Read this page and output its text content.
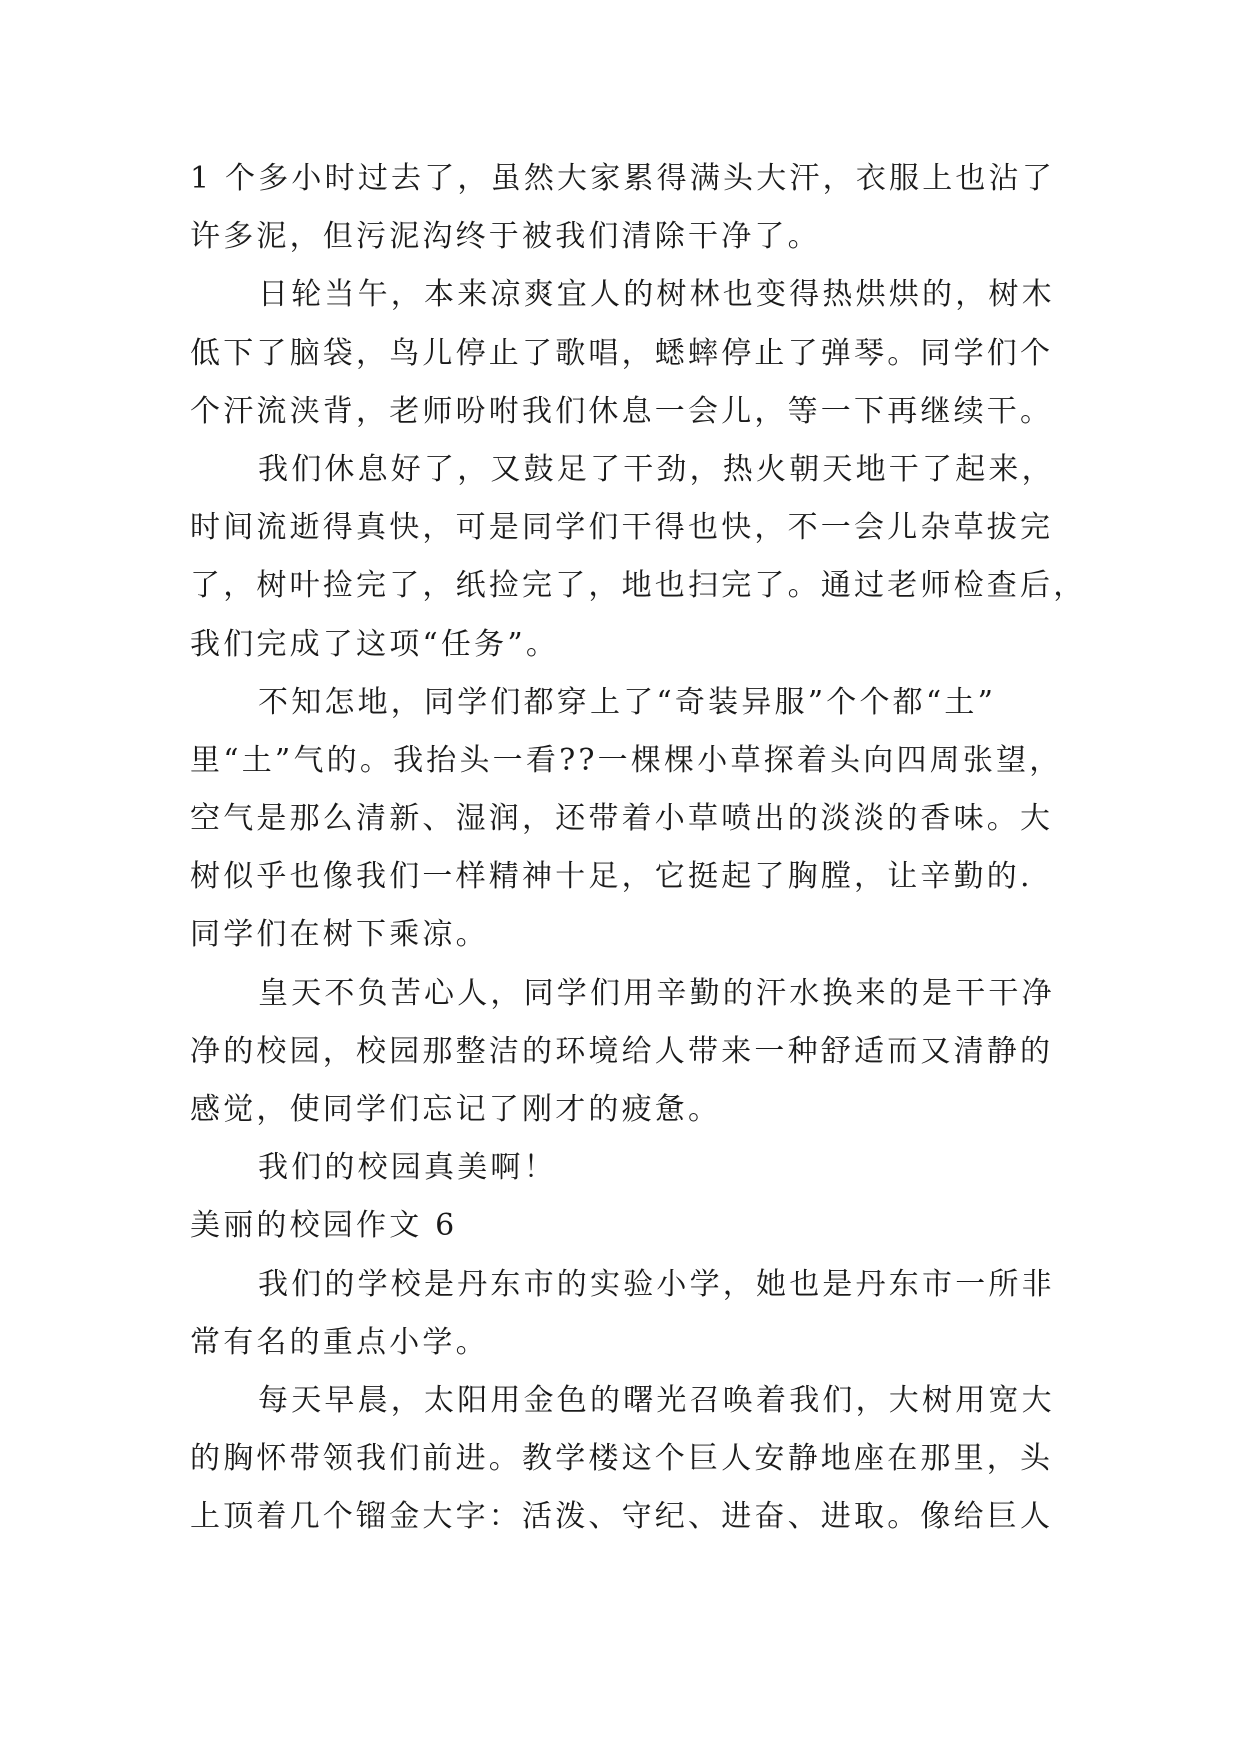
1 个多小时过去了，虽然大家累得满头大汗，衣服上也沾了
许多泥，但污泥沟终于被我们清除干净了。
日轮当午，本来凉爽宜人的树林也变得热烘烘的，树木
低下了脑袋，鸟儿停止了歌唱，蟋蟀停止了弹琴。同学们个
个汗流浃背，老师吩咐我们休息一会儿，等一下再继续干。
我们休息好了，又鼓足了干劲，热火朝天地干了起来，
时间流逝得真快，可是同学们干得也快，不一会儿杂草拔完
了，树叶捡完了，纸捡完了，地也扫完了。通过老师检查后，
我们完成了这项“任务”。
不知怎地，同学们都穿上了“奇装异服”个个都“土”
里“土”气的。我抬头一看??一棵棵小草探着头向四周张望，
空气是那么清新、湿润，还带着小草喷出的淡淡的香味。大
树似乎也像我们一样精神十足，它挺起了胸膛，让辛勤的.
同学们在树下乘凉。
皇天不负苦心人，同学们用辛勤的汗水换来的是干干净
净的校园，校园那整洁的环境给人带来一种舒适而又清静的
感觉，使同学们忘记了刚才的疲惫。
我们的校园真美啊！
美丽的校园作文 6
我们的学校是丹东市的实验小学，她也是丹东市一所非
常有名的重点小学。
每天早晨，太阳用金色的曙光召唤着我们，大树用宽大
的胸怀带领我们前进。教学楼这个巨人安静地座在那里，头
上顶着几个镏金大字：活泼、守纪、进奋、进取。像给巨人
